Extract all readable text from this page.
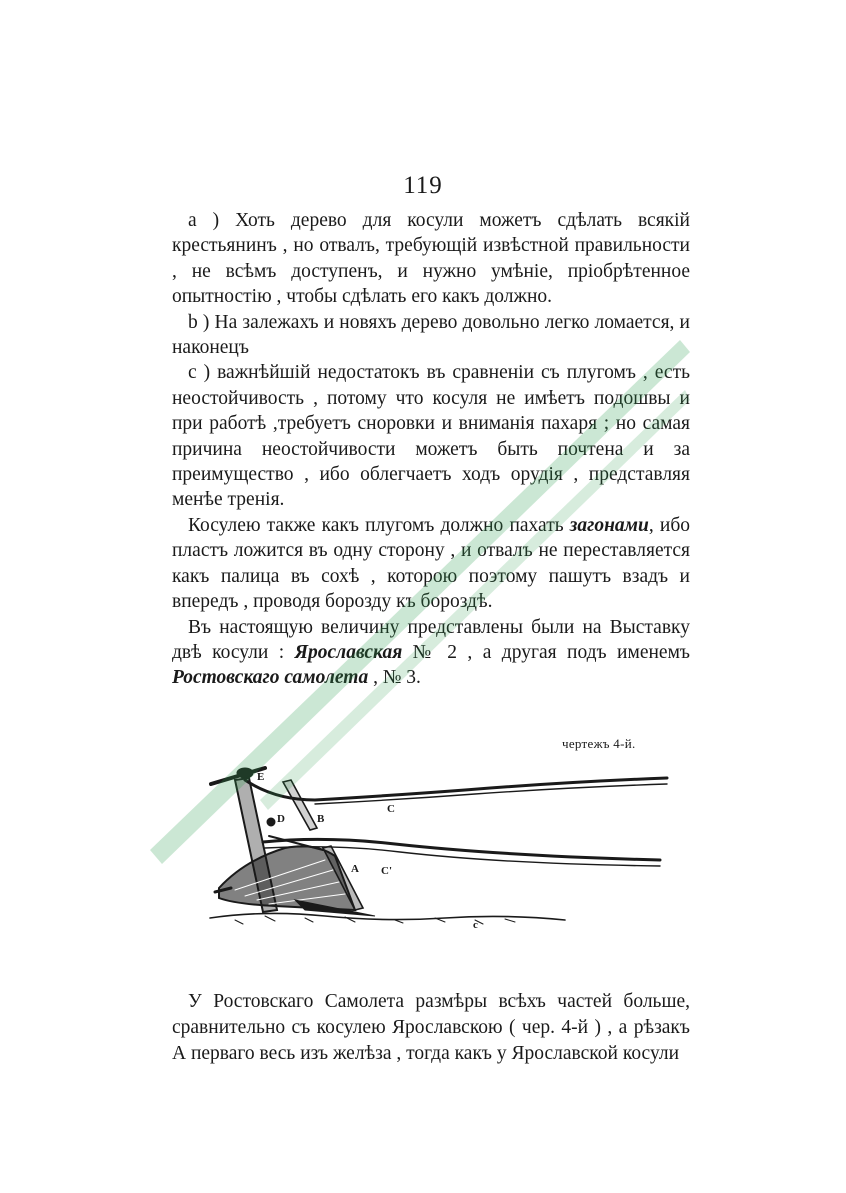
119

a ) Хоть дерево для косули можетъ сдѣлать всякій крестьянинъ , но отвалъ, требующій извѣстной правильности , не всѣмъ доступенъ, и нужно умѣніе, пріобрѣтенное опытностію , чтобы сдѣлать его какъ должно.

b ) На залежахъ и новяхъ дерево довольно легко ломается, и наконецъ

c ) важнѣйшій недостатокъ въ сравненіи съ плугомъ , есть неостойчивость , потому что косуля не имѣетъ подошвы и при работѣ ,требуетъ сноровки и вниманія пахаря ; но самая причина неостойчивости можетъ быть почтена и за преимущество , ибо облегчаетъ ходъ орудія , представляя менѣе тренія.

Косулею также какъ плугомъ должно пахать загонами, ибо пластъ ложится въ одну сторону , и отвалъ не переставляется какъ палица въ сохѣ , которою поэтому пашутъ взадъ и впередъ , проводя борозду къ бороздѣ.

Въ настоящую величину представлены были на Выставку двѣ косули : Ярославская № 2 , а другая подъ именемъ Ростовскаго самолета , № 3.

чертежъ 4-й.
E
D	B
C
A C'
c

У Ростовскаго Самолета размѣры всѣхъ частей больше, сравнительно съ косулею Ярославскою ( чер. 4-й ) , а рѣзакъ А перваго весь изъ желѣза , тогда какъ у Ярославской косули
